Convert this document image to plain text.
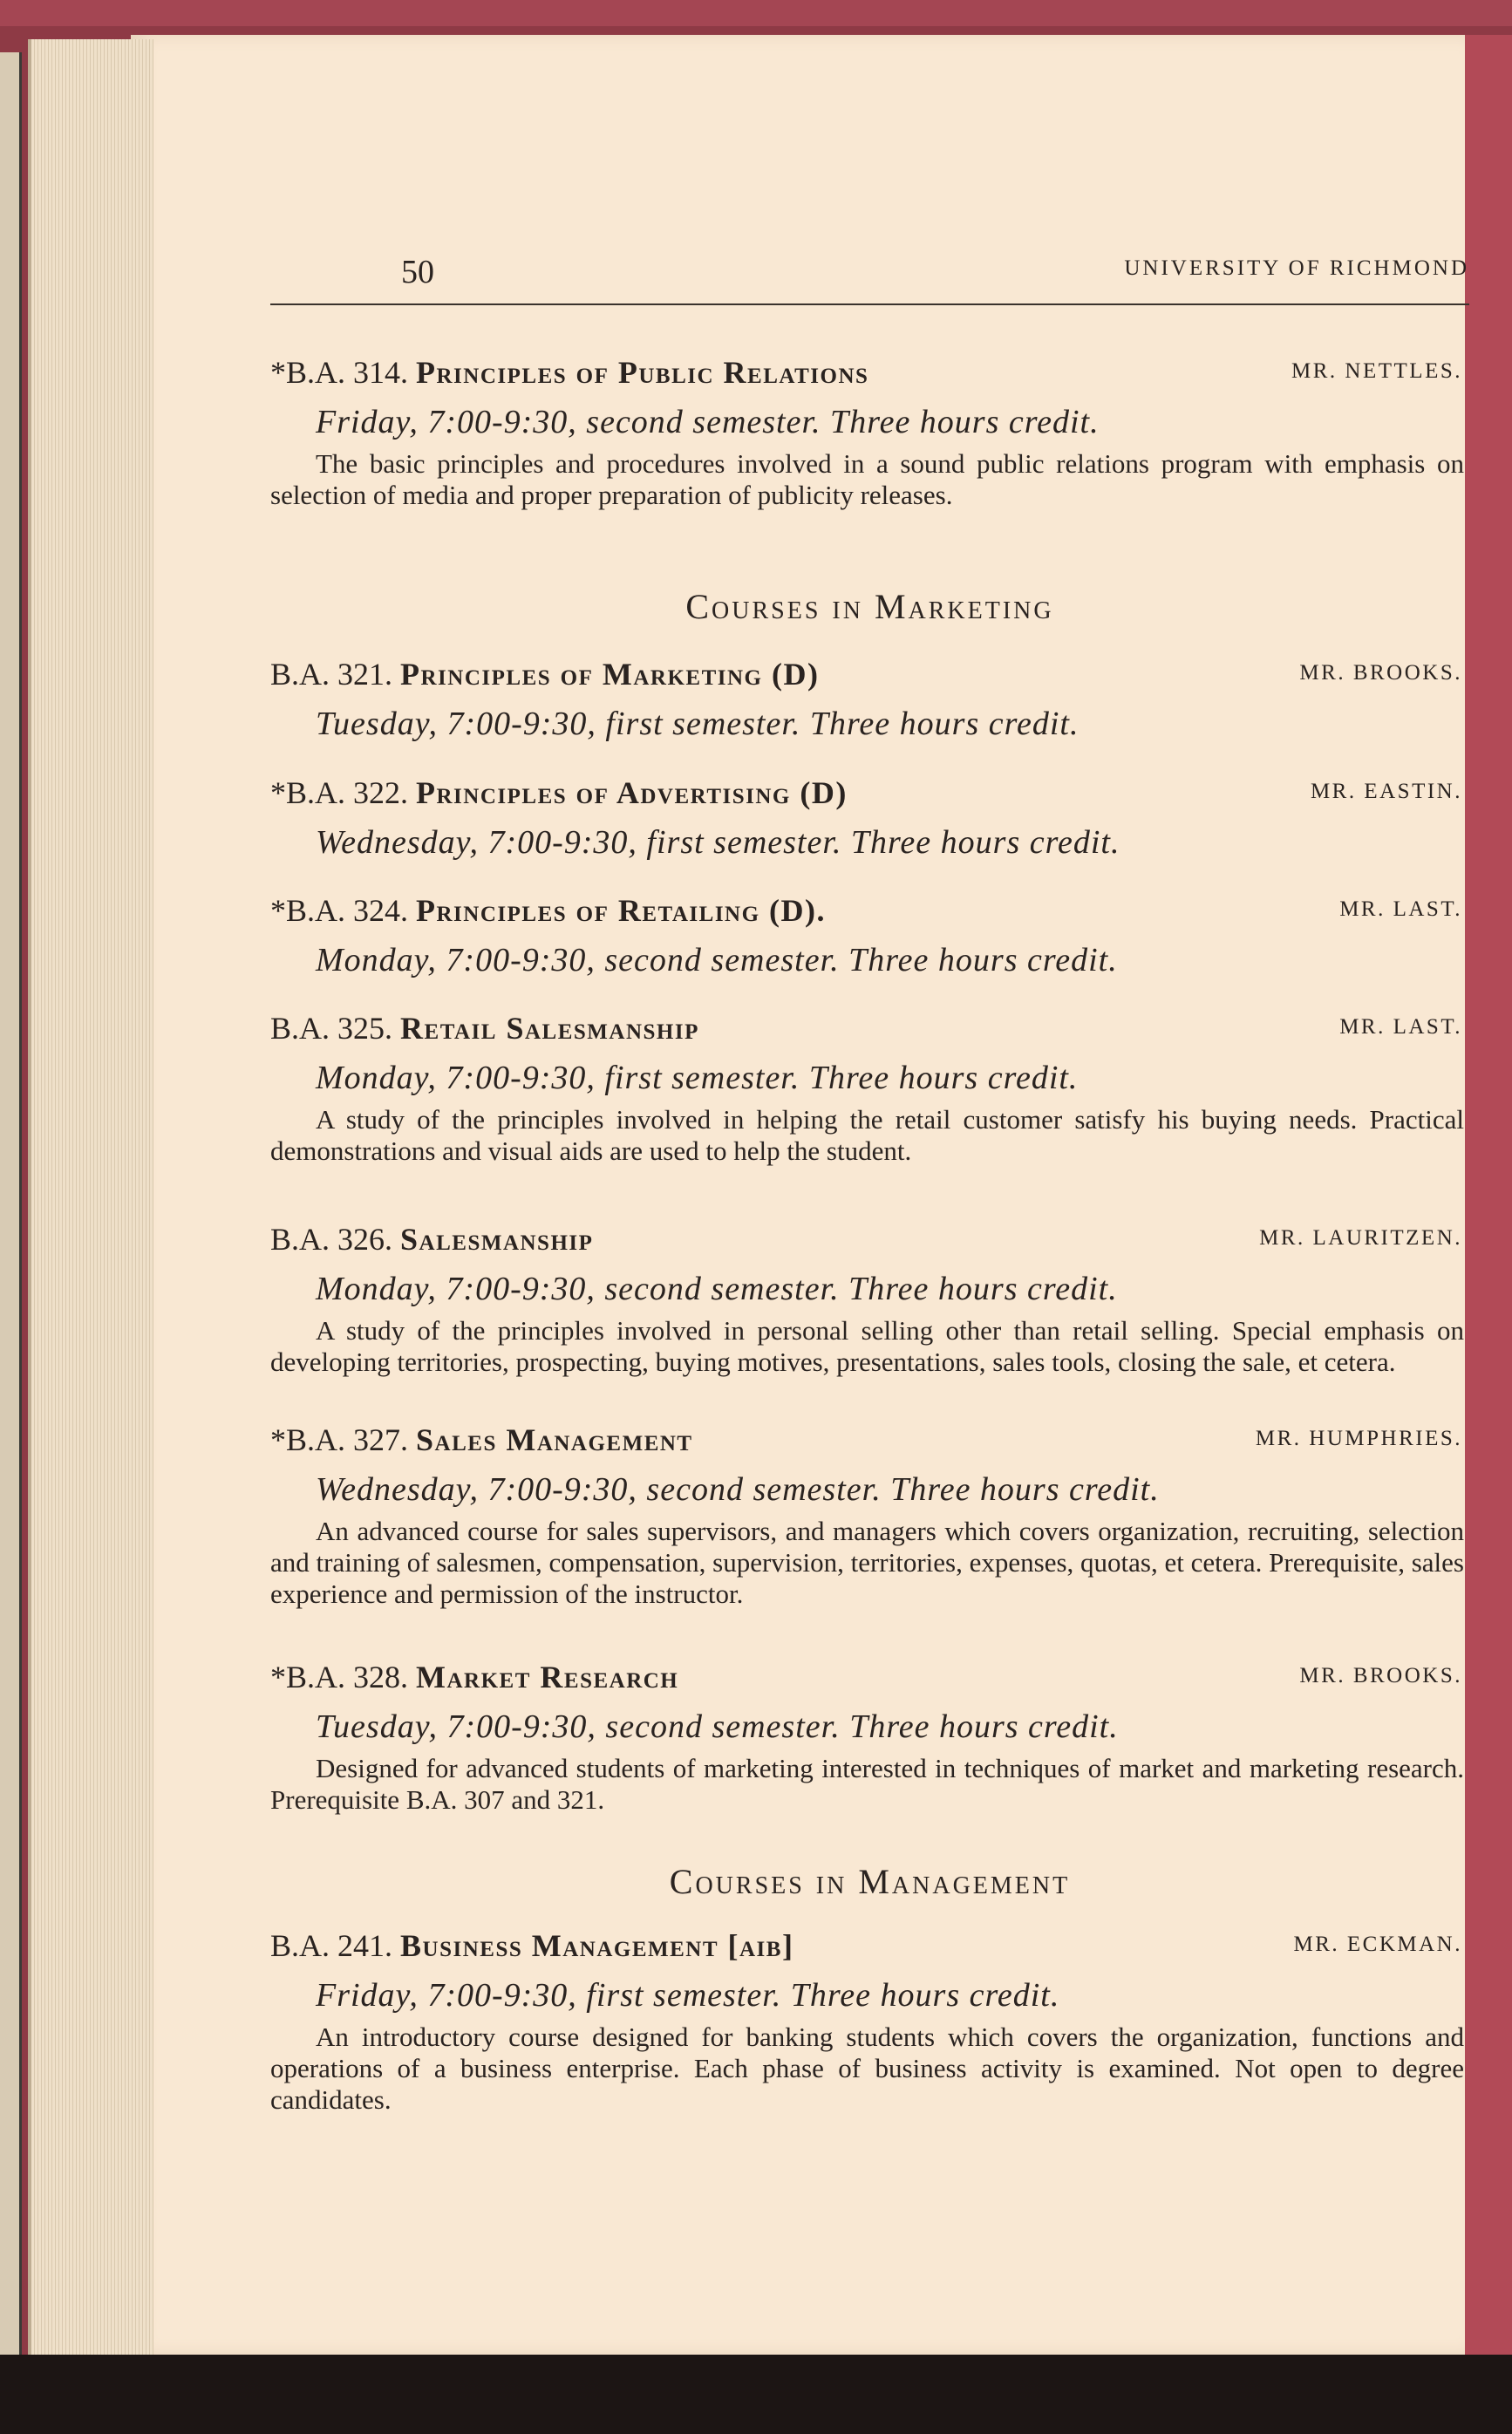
50	UNIVERSITY OF RICHMOND
*B.A. 314. Principles of Public Relations	MR. NETTLES.
Friday, 7:00-9:30, second semester. Three hours credit.
The basic principles and procedures involved in a sound public relations program with emphasis on selection of media and proper preparation of publicity releases.
Courses in Marketing
B.A. 321. Principles of Marketing (D)	MR. BROOKS.
Tuesday, 7:00-9:30, first semester. Three hours credit.
*B.A. 322. Principles of Advertising (D)	MR. EASTIN.
Wednesday, 7:00-9:30, first semester. Three hours credit.
*B.A. 324. Principles of Retailing (D).	MR. LAST.
Monday, 7:00-9:30, second semester. Three hours credit.
B.A. 325. Retail Salesmanship	MR. LAST.
Monday, 7:00-9:30, first semester. Three hours credit.
A study of the principles involved in helping the retail customer satisfy his buying needs. Practical demonstrations and visual aids are used to help the student.
B.A. 326. Salesmanship	MR. LAURITZEN.
Monday, 7:00-9:30, second semester. Three hours credit.
A study of the principles involved in personal selling other than retail selling. Special emphasis on developing territories, prospecting, buying motives, presentations, sales tools, closing the sale, et cetera.
*B.A. 327. Sales Management	MR. HUMPHRIES.
Wednesday, 7:00-9:30, second semester. Three hours credit.
An advanced course for sales supervisors, and managers which covers organization, recruiting, selection and training of salesmen, compensation, supervision, territories, expenses, quotas, et cetera. Prerequisite, sales experience and permission of the instructor.
*B.A. 328. Market Research	MR. BROOKS.
Tuesday, 7:00-9:30, second semester. Three hours credit.
Designed for advanced students of marketing interested in techniques of market and marketing research. Prerequisite B.A. 307 and 321.
Courses in Management
B.A. 241. Business Management [aib]	MR. ECKMAN.
Friday, 7:00-9:30, first semester. Three hours credit.
An introductory course designed for banking students which covers the organization, functions and operations of a business enterprise. Each phase of business activity is examined. Not open to degree candidates.
